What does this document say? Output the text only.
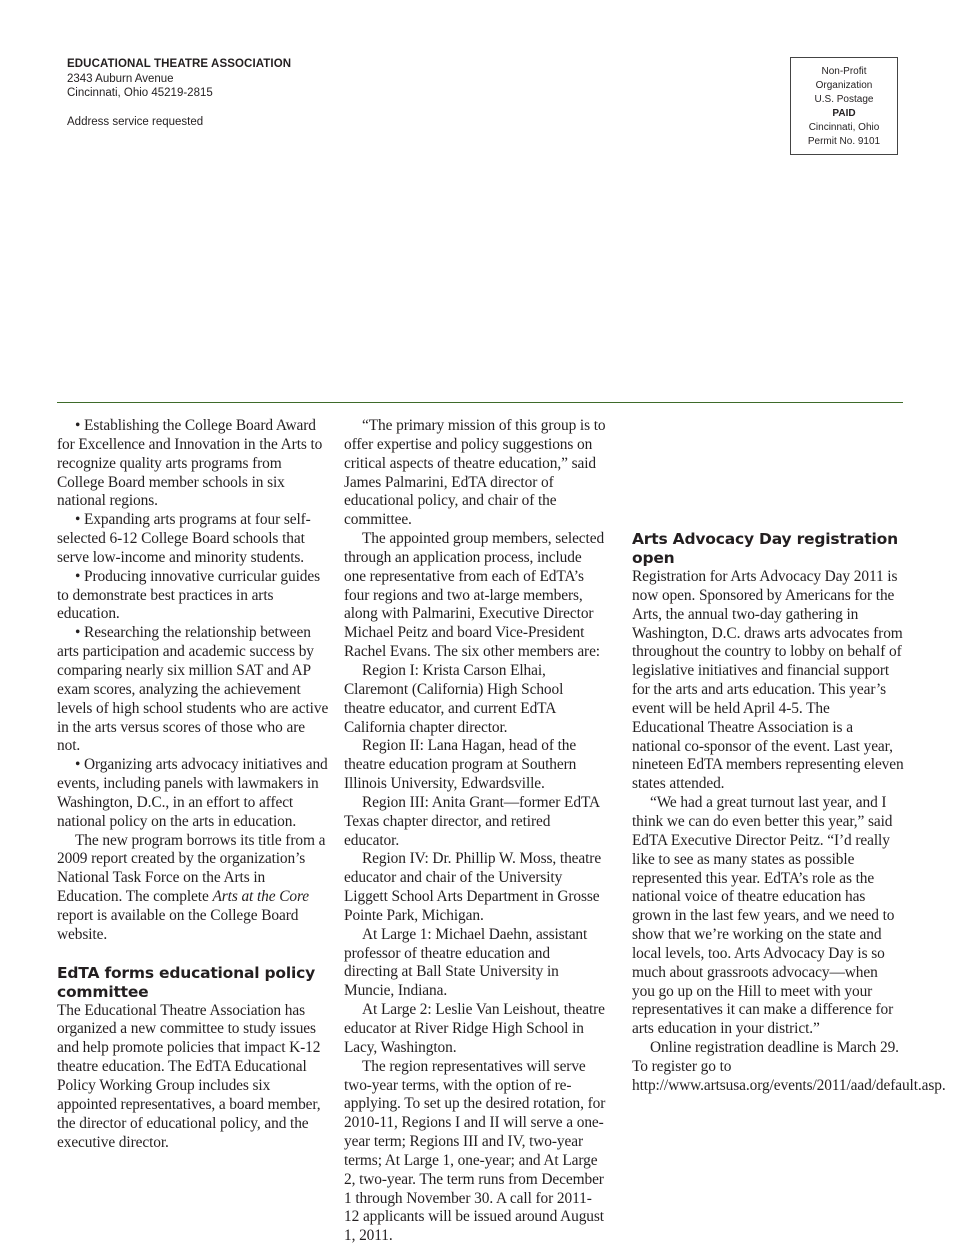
EDUCATIONAL THEATRE ASSOCIATION
2343 Auburn Avenue
Cincinnati, Ohio 45219-2815
Address service requested
Non-Profit
Organization
U.S. Postage
PAID
Cincinnati, Ohio
Permit No. 9101

• Establishing the College Board Award for Excellence and Innovation in the Arts to recognize quality arts programs from College Board member schools in six national regions.

• Expanding arts programs at four self-selected 6-12 College Board schools that serve low-income and minority students.

• Producing innovative curricular guides to demonstrate best practices in arts education.

• Researching the relationship between arts participation and academic success by comparing nearly six million SAT and AP exam scores, analyzing the achievement levels of high school students who are active in the arts versus scores of those who are not.

• Organizing arts advocacy initiatives and events, including panels with lawmakers in Washington, D.C., in an effort to affect national policy on the arts in education.

The new program borrows its title from a 2009 report created by the organization’s National Task Force on the Arts in Education. The complete Arts at the Core report is available on the College Board website.

EdTA forms educational policy committee

The Educational Theatre Association has organized a new committee to study issues and help promote policies that impact K-12 theatre education. The EdTA Educational Policy Working Group includes six appointed representatives, a board member, the director of educational policy, and the executive director.

“The primary mission of this group is to offer expertise and policy suggestions on critical aspects of theatre education,” said James Palmarini, EdTA director of educational policy, and chair of the committee.

The appointed group members, selected through an application process, include one representative from each of EdTA’s four regions and two at-large members, along with Palmarini, Executive Director Michael Peitz and board Vice-President Rachel Evans. The six other members are:

Region I: Krista Carson Elhai, Claremont (California) High School theatre educator, and current EdTA California chapter director.

Region II: Lana Hagan, head of the theatre education program at Southern Illinois University, Edwardsville.

Region III: Anita Grant—former EdTA Texas chapter director, and retired educator.

Region IV: Dr. Phillip W. Moss, theatre educator and chair of the University Liggett School Arts Department in Grosse Pointe Park, Michigan.

At Large 1: Michael Daehn, assistant professor of theatre education and directing at Ball State University in Muncie, Indiana.

At Large 2: Leslie Van Leishout, theatre educator at River Ridge High School in Lacy, Washington.

The region representatives will serve two-year terms, with the option of re-applying. To set up the desired rotation, for 2010-11, Regions I and II will serve a one-year term; Regions III and IV, two-year terms; At Large 1, one-year; and At Large 2, two-year. The term runs from December 1 through November 30. A call for 2011-12 applicants will be issued around August 1, 2011.

Arts Advocacy Day registration open

Registration for Arts Advocacy Day 2011 is now open. Sponsored by Americans for the Arts, the annual two-day gathering in Washington, D.C. draws arts advocates from throughout the country to lobby on behalf of legislative initiatives and financial support for the arts and arts education. This year’s event will be held April 4-5. The Educational Theatre Association is a national co-sponsor of the event. Last year, nineteen EdTA members representing eleven states attended.

“We had a great turnout last year, and I think we can do even better this year,” said EdTA Executive Director Peitz. “I’d really like to see as many states as possible represented this year. EdTA’s role as the national voice of theatre education has grown in the last few years, and we need to show that we’re working on the state and local levels, too. Arts Advocacy Day is so much about grassroots advocacy—when you go up on the Hill to meet with your representatives it can make a difference for arts education in your district.”

Online registration deadline is March 29. To register go to http://www.artsusa.org/events/2011/aad/default.asp.
